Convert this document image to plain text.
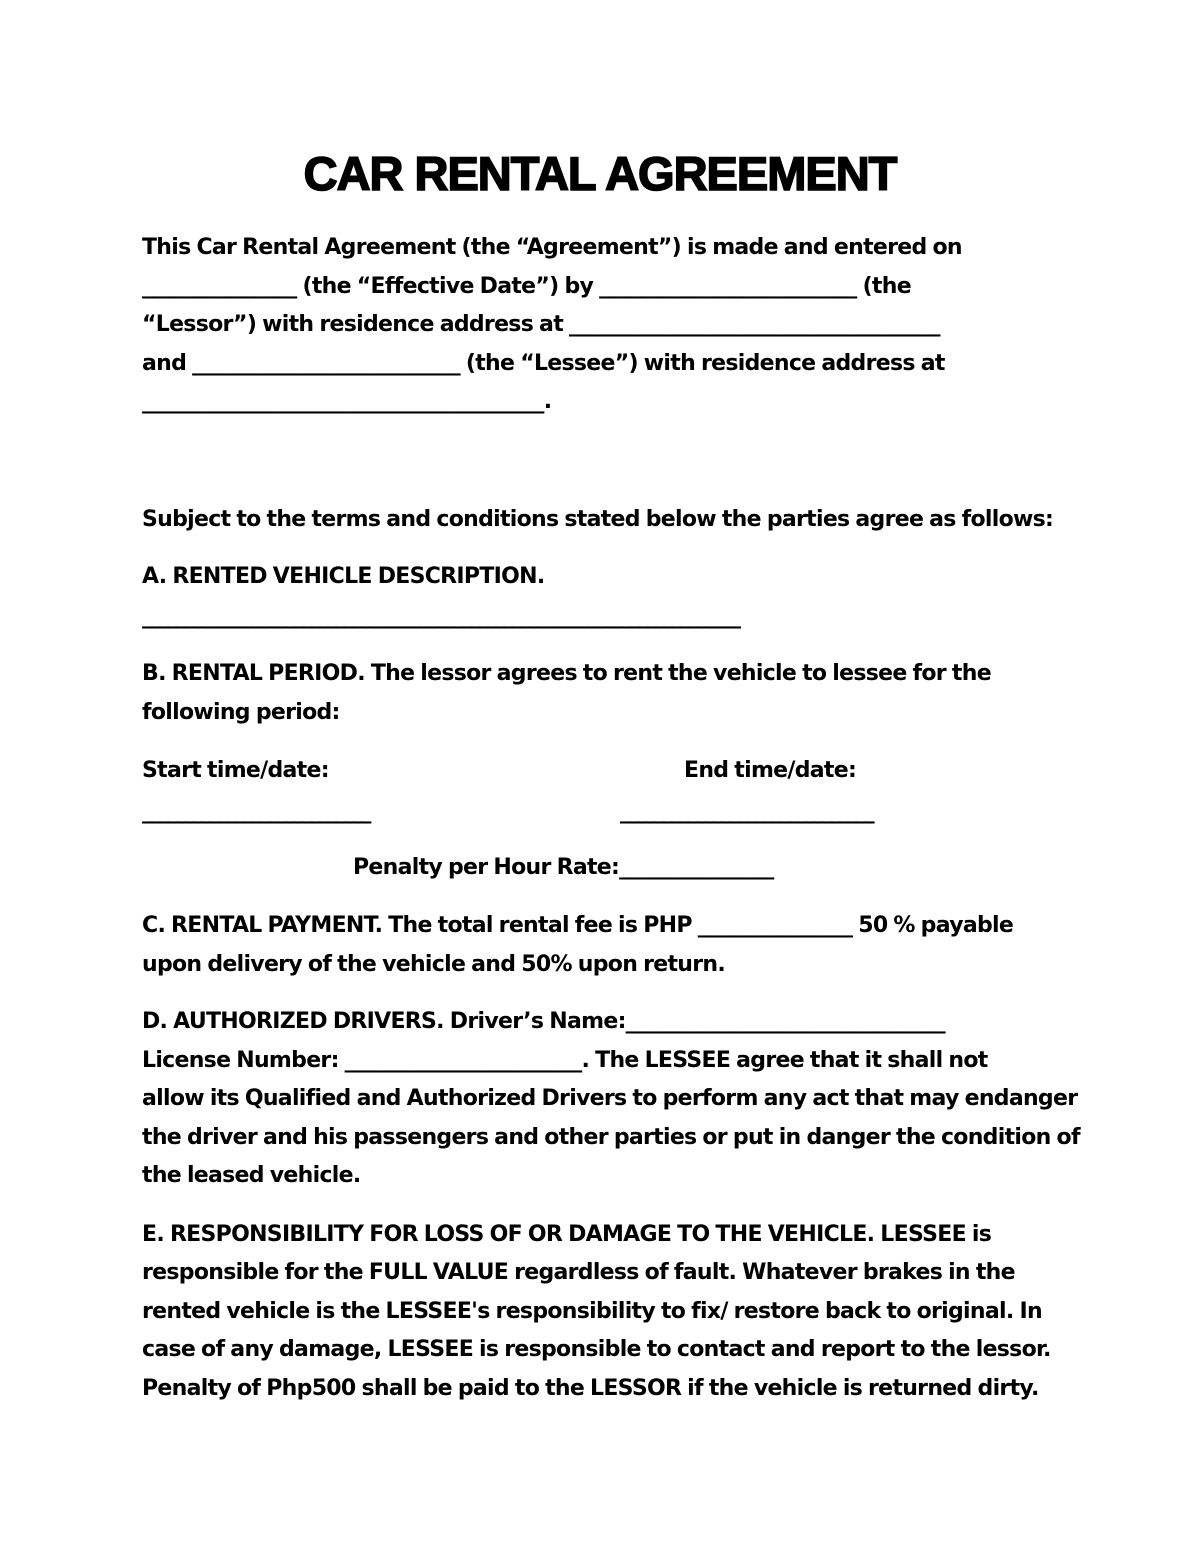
CAR RENTAL AGREEMENT
This Car Rental Agreement (the “Agreement”) is made and entered on
_______________ (the “Effective Date”) by _________________________ (the
“Lessor”) with residence address at ____________________________________
and __________________________ (the “Lessee”) with residence address at
_______________________________________.
Subject to the terms and conditions stated below the parties agree as follows:
A. RENTED VEHICLE DESCRIPTION.
_______________________________________________________________________
B. RENTAL PERIOD. The lessor agrees to rent the vehicle to lessee for the
following period:
Start time/date:	End time/date:
___________________________	______________________________
Penalty per Hour Rate:_______________
C. RENTAL PAYMENT. The total rental fee is PHP _______________ 50 % payable
upon delivery of the vehicle and 50% upon return.
D. AUTHORIZED DRIVERS. Driver’s Name:_______________________________
License Number: _______________________. The LESSEE agree that it shall not
allow its Qualified and Authorized Drivers to perform any act that may endanger
the driver and his passengers and other parties or put in danger the condition of
the leased vehicle.
E. RESPONSIBILITY FOR LOSS OF OR DAMAGE TO THE VEHICLE. LESSEE is
responsible for the FULL VALUE regardless of fault. Whatever brakes in the
rented vehicle is the LESSEE's responsibility to fix/ restore back to original. In
case of any damage, LESSEE is responsible to contact and report to the lessor.
Penalty of Php500 shall be paid to the LESSOR if the vehicle is returned dirty.
